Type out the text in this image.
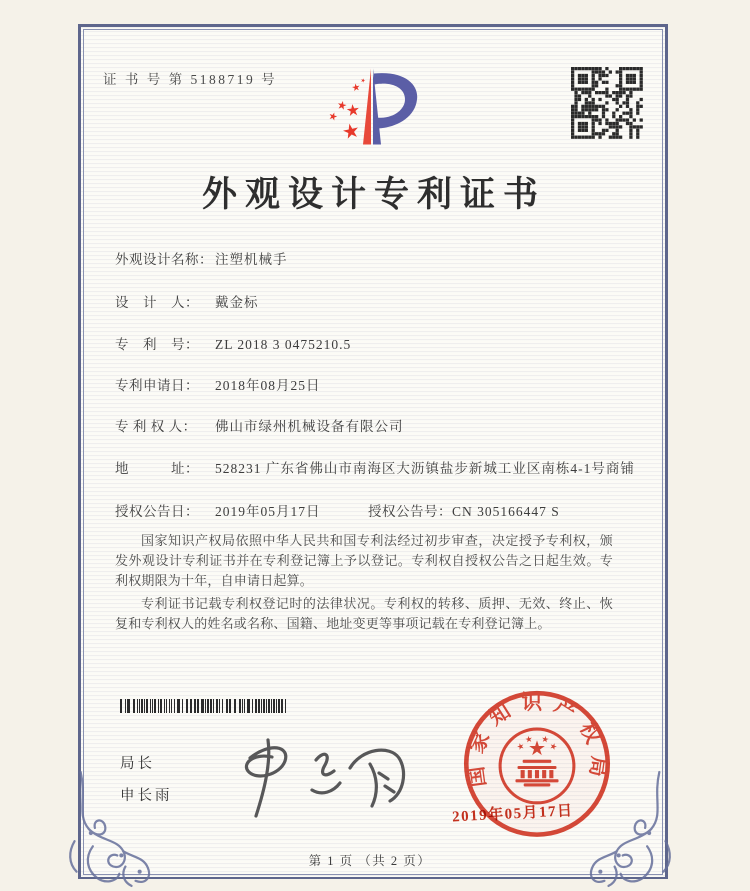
证 书 号 第 5188719 号
外观设计专利证书
外观设计名称： 注塑机械手
设　计　人： 戴金标
专　利　号： ZL 2018 3 0475210.5
专利申请日： 2018年08月25日
专 利 权 人： 佛山市绿州机械设备有限公司
地　　　址： 528231 广东省佛山市南海区大沥镇盐步新城工业区南栋4-1号商铺
授权公告日： 2019年05月17日	授权公告号：CN 305166447 S

国家知识产权局依照中华人民共和国专利法经过初步审查，决定授予专利权，颁发外观设计专利证书并在专利登记簿上予以登记。专利权自授权公告之日起生效。专利权期限为十年，自申请日起算。

专利证书记载专利权登记时的法律状况。专利权的转移、质押、无效、终止、恢复和专利权人的姓名或名称、国籍、地址变更等事项记载在专利登记簿上。

局长
申长雨
国家知识产权局
2019年05月17日
第 1 页 （共 2 页）
